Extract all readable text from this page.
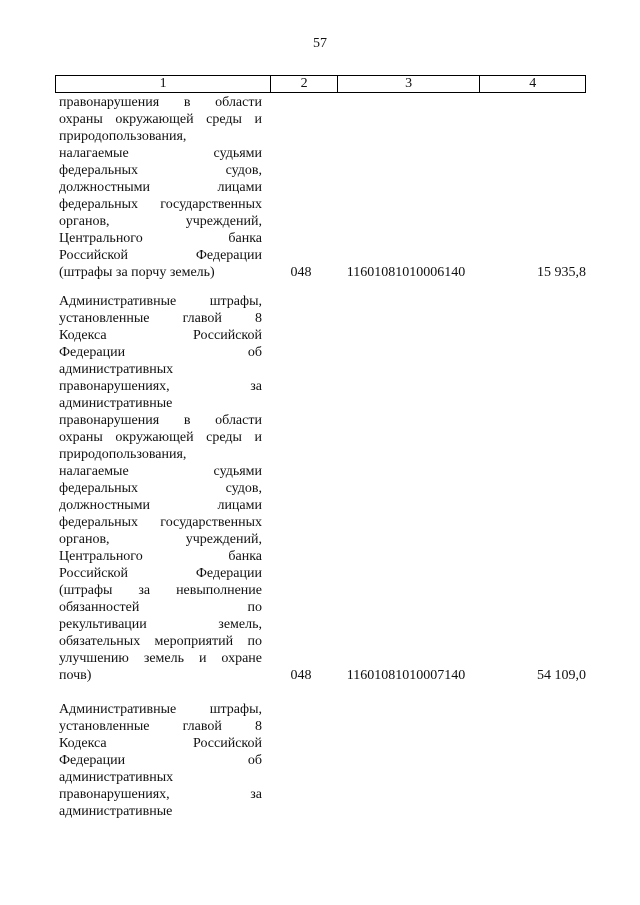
57
1	2	3	4
правонарушения в области
охраны окружающей среды и
природопользования,
налагаемые	судьями
федеральных	судов,
должностными	лицами
федеральных государственных
органов,	учреждений,
Центрального	банка
Российской	Федерации
(штрафы за порчу земель)	048	11601081010006140	15 935,8
Административные штрафы,
установленные главой 8
Кодекса	Российской
Федерации	об
административных
правонарушениях,	за
административные
правонарушения в области
охраны окружающей среды и
природопользования,
налагаемые	судьями
федеральных	судов,
должностными	лицами
федеральных государственных
органов,	учреждений,
Центрального	банка
Российской	Федерации
(штрафы за невыполнение
обязанностей	по
рекультивации	земель,
обязательных мероприятий по
улучшению земель и охране
почв)	048	11601081010007140	54 109,0
Административные штрафы,
установленные главой 8
Кодекса	Российской
Федерации	об
административных
правонарушениях,	за
административные
